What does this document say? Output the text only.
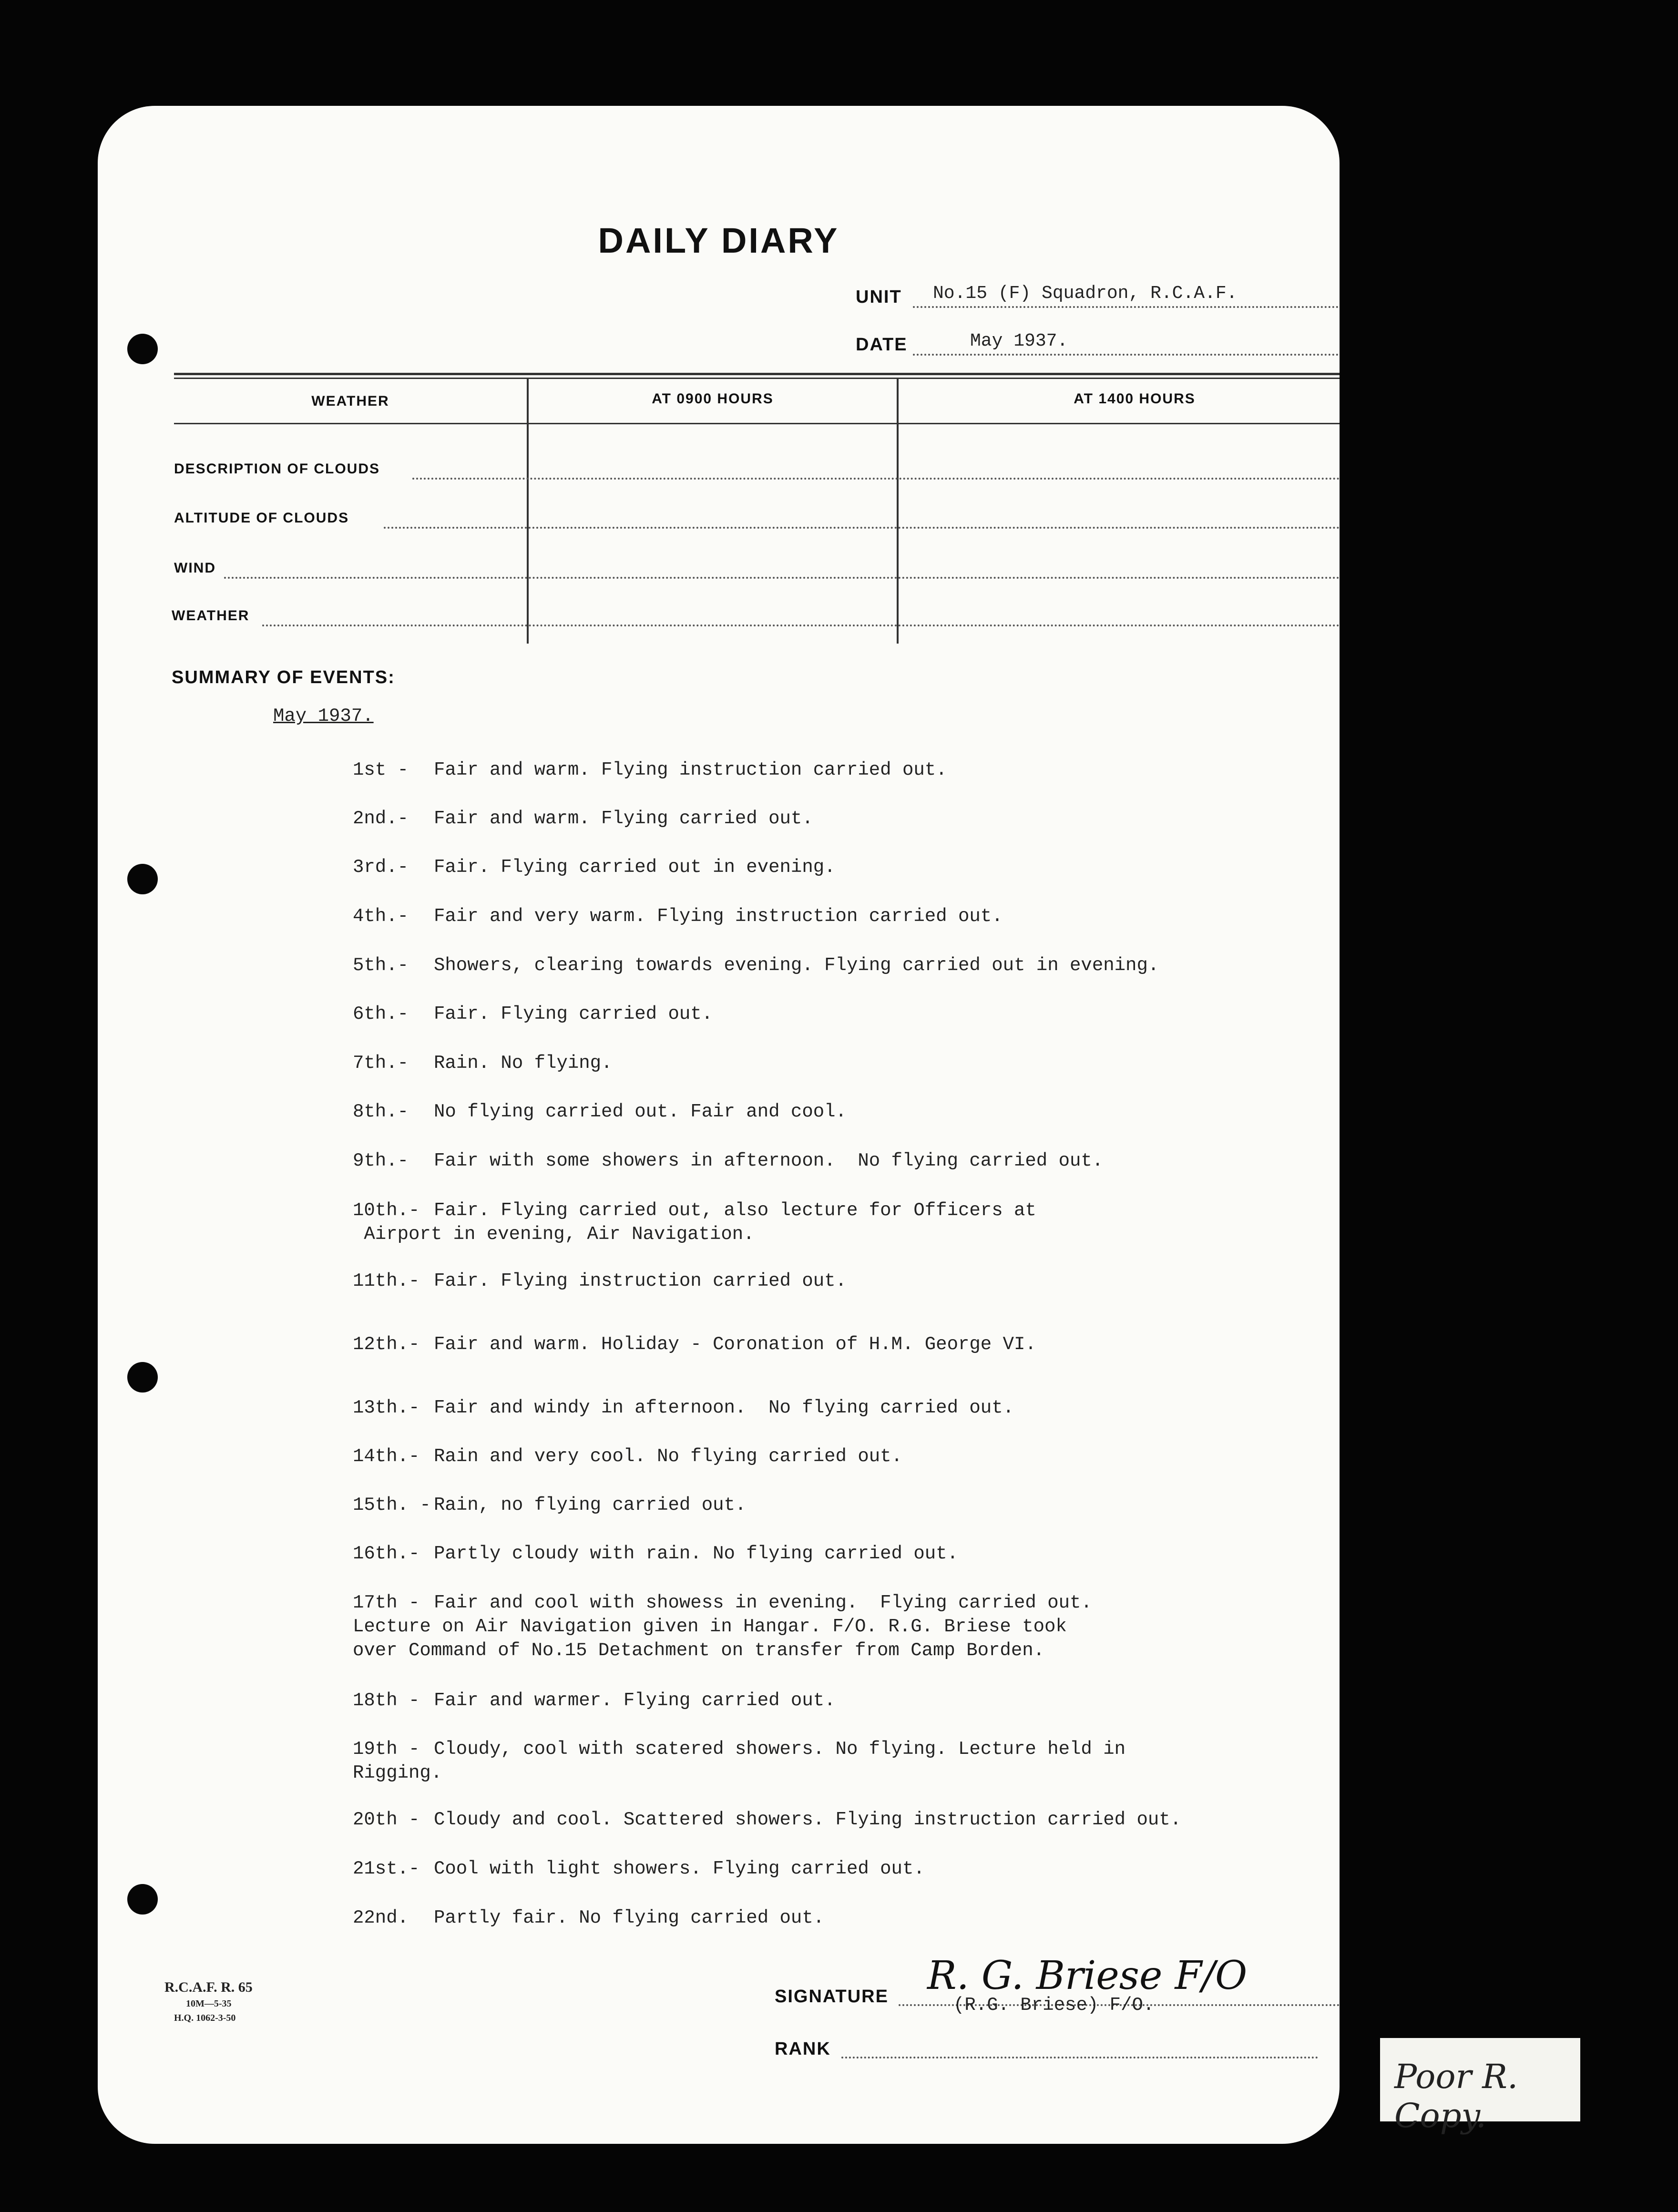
DAILY DIARY
UNIT No.15 (F) Squadron, R.C.A.F.
DATE	May 1937.
WEATHER	AT 0900 HOURS	AT 1400 HOURS
DESCRIPTION OF CLOUDS
ALTITUDE OF CLOUDS
WIND
WEATHER
SUMMARY OF EVENTS:
May 1937.
1st - Fair and warm. Flying instruction carried out.
2nd.- Fair and warm. Flying carried out.
3rd.- Fair. Flying carried out in evening.
4th.- Fair and very warm. Flying instruction carried out.
5th.- Showers, clearing towards evening. Flying carried out in evening.
6th.- Fair. Flying carried out.
7th.- Rain. No flying.
8th.- No flying carried out. Fair and cool.
9th.- Fair with some showers in afternoon.  No flying carried out.
10th.- Fair. Flying carried out, also lecture for Officers at
Airport in evening, Air Navigation.
11th.- Fair. Flying instruction carried out.
12th.- Fair and warm. Holiday - Coronation of H.M. George VI.
13th.- Fair and windy in afternoon.  No flying carried out.
14th.- Rain and very cool. No flying carried out.
15th. - Rain, no flying carried out.
16th.- Partly cloudy with rain. No flying carried out.
17th - Fair and cool with showess in evening.  Flying carried out.
Lecture on Air Navigation given in Hangar. F/O. R.G. Briese took
over Command of No.15 Detachment on transfer from Camp Borden.
18th - Fair and warmer. Flying carried out.
19th - Cloudy, cool with scatered showers. No flying. Lecture held in
Rigging.
20th - Cloudy and cool. Scattered showers. Flying instruction carried out.
21st.- Cool with light showers. Flying carried out.
22nd. Partly fair. No flying carried out.
R.C.A.F. R. 65
10M—5-35
H.Q. 1062-3-50
SIGNATURE R. G. Briese F/O
(R.G. Briese) F/O.
RANK
Poor R. Copy.
